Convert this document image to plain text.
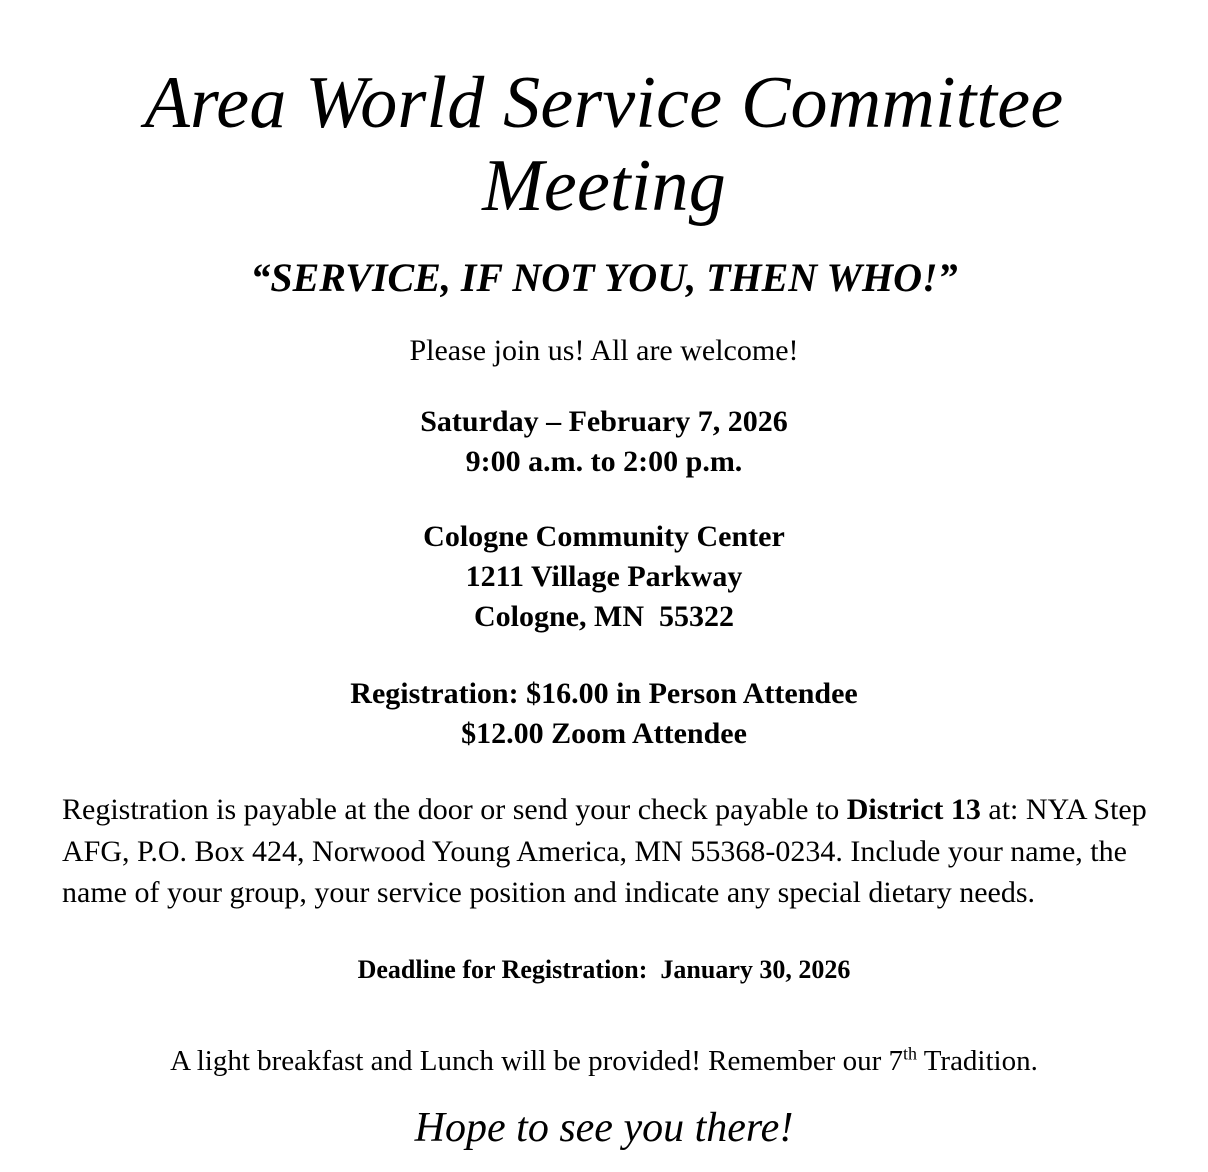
Area World Service Committee Meeting

“SERVICE, IF NOT YOU, THEN WHO!”

Please join us! All are welcome!

Saturday – February 7, 2026
9:00 a.m. to 2:00 p.m.
Cologne Community Center
1211 Village Parkway
Cologne, MN  55322
Registration: $16.00 in Person Attendee
$12.00 Zoom Attendee

Registration is payable at the door or send your check payable to District 13 at: NYA Step AFG, P.O. Box 424, Norwood Young America, MN 55368-0234. Include your name, the name of your group, your service position and indicate any special dietary needs.

Deadline for Registration:  January 30, 2026

A light breakfast and Lunch will be provided! Remember our 7th Tradition.

Hope to see you there!
